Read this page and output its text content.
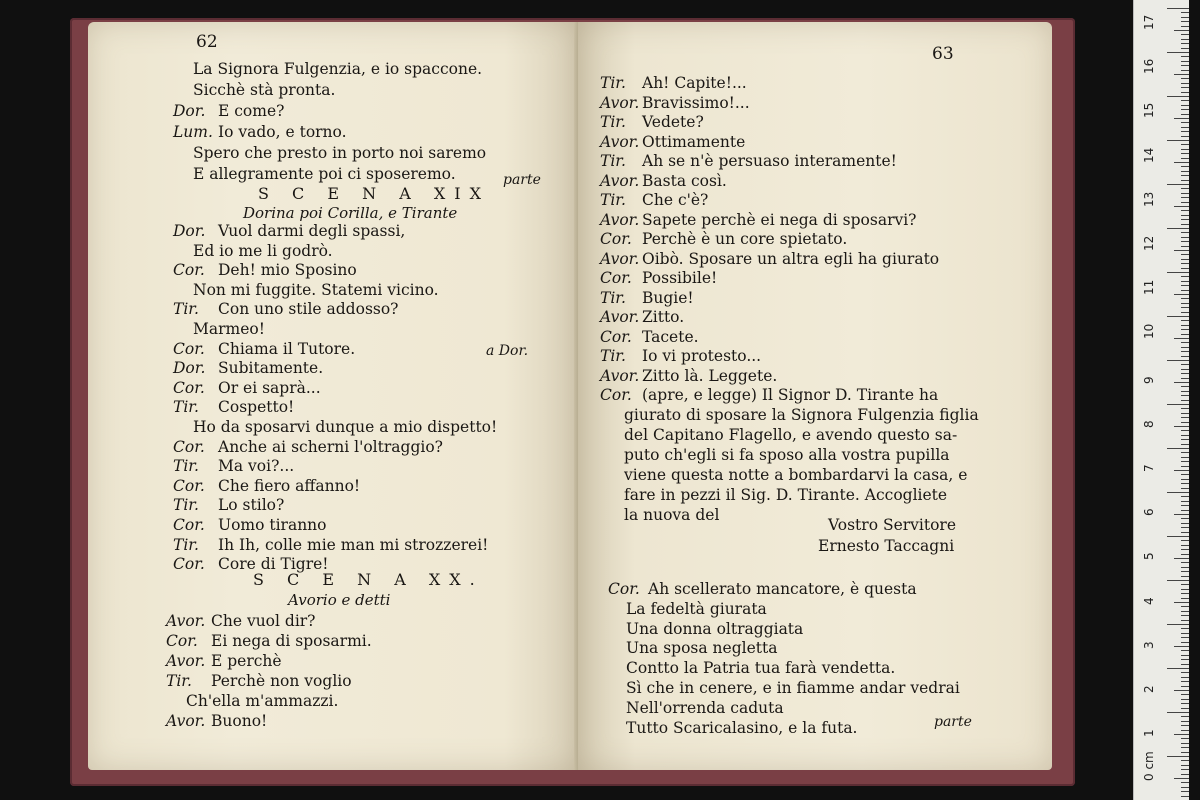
62
La Signora Fulgenzia, e io spaccone.
Sicchè stà pronta.
Dor. E come?
Lum. Io vado, e torno.
Spero che presto in porto noi saremo
E allegramente poi ci sposeremo.	parte
S C E N A XIX
Dorina poi Corilla, e Tirante
Dor. Vuol darmi degli spassi,
Ed io me li godrò.
Cor. Deh! mio Sposino
Non mi fuggite. Statemi vicino.
Tir. Con uno stile addosso?
Marmeo!
Cor. Chiama il Tutore.
Dor. Subitamente.
Cor. Or ei saprà...
Tir. Cospetto!
Ho da sposarvi dunque a mio dispetto!
Cor. Anche ai scherni l'oltraggio?
Tir. Ma voi?...
Cor. Che fiero affanno!
Tir. Lo stilo?
Cor. Uomo tiranno
Tir. Ih Ih, colle mie man mi strozzerei!
Cor. Core di Tigre!
a Dor.
S C E N A XX.
Avorio e detti
Avor. Che vuol dir?
Cor. Ei nega di sposarmi.
Avor. E perchè
Tir. Perchè non voglio
Ch'ella m'ammazzi.
Avor. Buono!
63
Tir. Ah! Capite!...
Avor. Bravissimo!...
Tir. Vedete?
Avor. Ottimamente
Tir. Ah se n'è persuaso interamente!
Avor. Basta così.
Tir. Che c'è?
Avor. Sapete perchè ei nega di sposarvi?
Cor. Perchè è un core spietato.
Avor. Oibò. Sposare un altra egli ha giurato
Cor. Possibile!
Tir. Bugie!
Avor. Zitto.
Cor. Tacete.
Tir. Io vi protesto...
Avor. Zitto là. Leggete.
Cor. (apre, e legge) Il Signor D. Tirante ha
giurato di sposare la Signora Fulgenzia figlia
del Capitano Flagello, e avendo questo sa-
puto ch'egli si fa sposo alla vostra pupilla
viene questa notte a bombardarvi la casa, e
fare in pezzi il Sig. D. Tirante. Accogliete
la nuova del
Vostro Servitore
Ernesto Taccagni
Cor. Ah scellerato mancatore, è questa
La fedeltà giurata
Una donna oltraggiata
Una sposa negletta
Contto la Patria tua farà vendetta.
Sì che in cenere, e in fiamme andar vedrai
Nell'orrenda caduta
Tutto Scaricalasino, e la futa.	parte
17
16
15
14
13
12
11
10
9
8
7
6
5
4
3
2
1
0 cm
